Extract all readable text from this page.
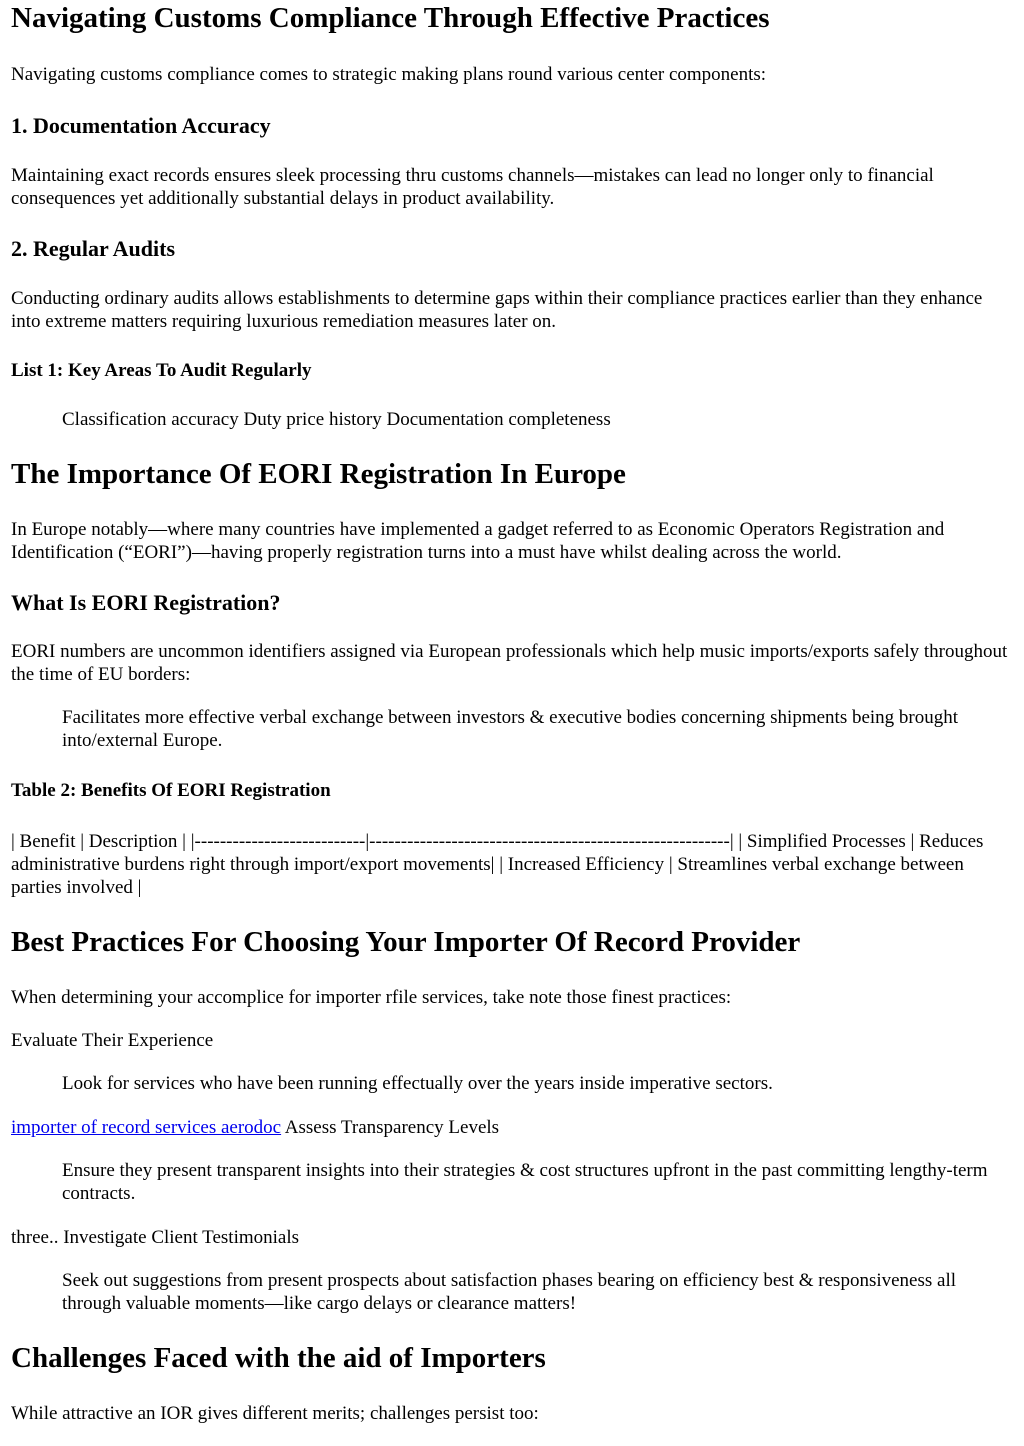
Navigating Customs Compliance Through Effective Practices

Navigating customs compliance comes to strategic making plans round various center components:

1. Documentation Accuracy

Maintaining exact records ensures sleek processing thru customs channels—mistakes can lead no longer only to financial consequences yet additionally substantial delays in product availability.

2. Regular Audits

Conducting ordinary audits allows establishments to determine gaps within their compliance practices earlier than they enhance into extreme matters requiring luxurious remediation measures later on.

List 1: Key Areas To Audit Regularly
Classification accuracy Duty price history Documentation completeness
The Importance Of EORI Registration In Europe

In Europe notably—where many countries have implemented a gadget referred to as Economic Operators Registration and Identification (“EORI”)—having properly registration turns into a must have whilst dealing across the world.

What Is EORI Registration?

EORI numbers are uncommon identifiers assigned via European professionals which help music imports/exports safely throughout the time of EU borders:

Facilitates more effective verbal exchange between investors & executive bodies concerning shipments being brought into/external Europe.
Table 2: Benefits Of EORI Registration

| Benefit | Description | |---------------------------|---------------------------------------------------------| | Simplified Processes | Reduces administrative burdens right through import/export movements| | Increased Efficiency | Streamlines verbal exchange between parties involved |

Best Practices For Choosing Your Importer Of Record Provider

When determining your accomplice for importer rfile services, take note those finest practices:

Evaluate Their Experience

Look for services who have been running effectually over the years inside imperative sectors.

importer of record services aerodoc Assess Transparency Levels

Ensure they present transparent insights into their strategies & cost structures upfront in the past committing lengthy-term contracts.

three.. Investigate Client Testimonials

Seek out suggestions from present prospects about satisfaction phases bearing on efficiency best & responsiveness all through valuable moments—like cargo delays or clearance matters!
Challenges Faced with the aid of Importers

While attractive an IOR gives different merits; challenges persist too:
